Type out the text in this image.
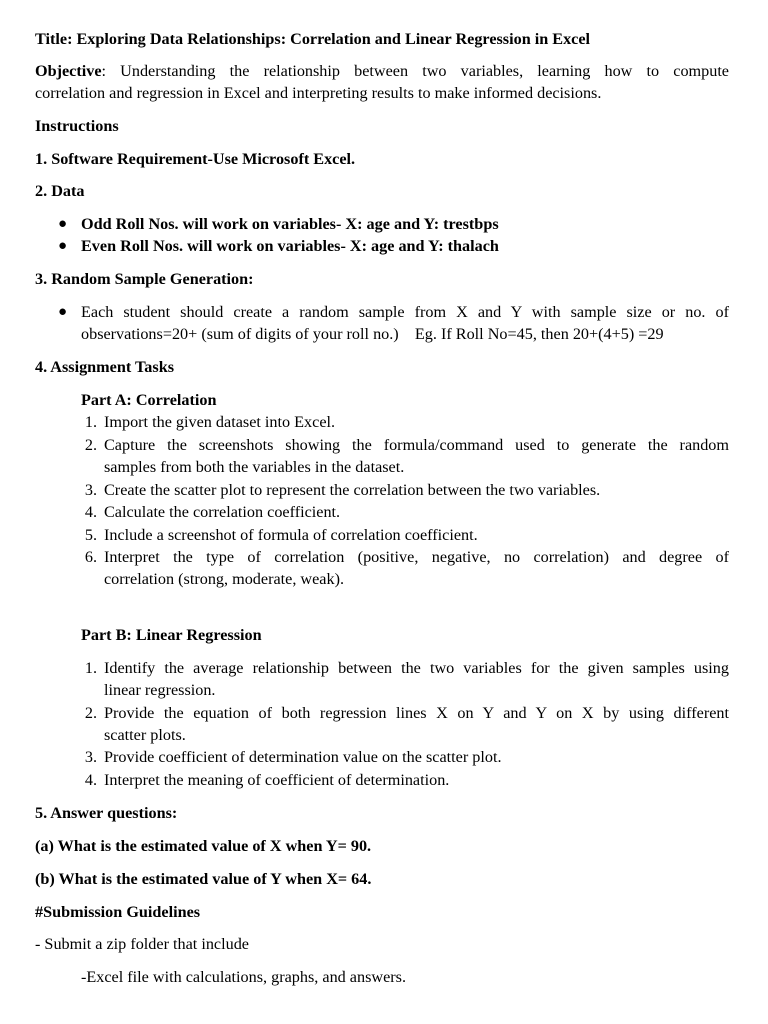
Title: Exploring Data Relationships: Correlation and Linear Regression in Excel
Objective: Understanding the relationship between two variables, learning how to compute
correlation and regression in Excel and interpreting results to make informed decisions.
Instructions
1. Software Requirement-Use Microsoft Excel.
2. Data
● Odd Roll Nos. will work on variables- X: age and Y: trestbps
● Even Roll Nos. will work on variables- X: age and Y: thalach
3. Random Sample Generation:
● Each student should create a random sample from X and Y with sample size or no. of
observations=20+ (sum of digits of your roll no.)    Eg. If Roll No=45, then 20+(4+5) =29
4. Assignment Tasks
Part A: Correlation
1. Import the given dataset into Excel.
2. Capture the screenshots showing the formula/command used to generate the random
samples from both the variables in the dataset.
3. Create the scatter plot to represent the correlation between the two variables.
4. Calculate the correlation coefficient.
5. Include a screenshot of formula of correlation coefficient.
6. Interpret the type of correlation (positive, negative, no correlation) and degree of
correlation (strong, moderate, weak).
Part B: Linear Regression
1. Identify the average relationship between the two variables for the given samples using
linear regression.
2. Provide the equation of both regression lines X on Y and Y on X by using different
scatter plots.
3. Provide coefficient of determination value on the scatter plot.
4. Interpret the meaning of coefficient of determination.
5. Answer questions:
(a) What is the estimated value of X when Y= 90.
(b) What is the estimated value of Y when X= 64.
#Submission Guidelines
- Submit a zip folder that include
-Excel file with calculations, graphs, and answers.
